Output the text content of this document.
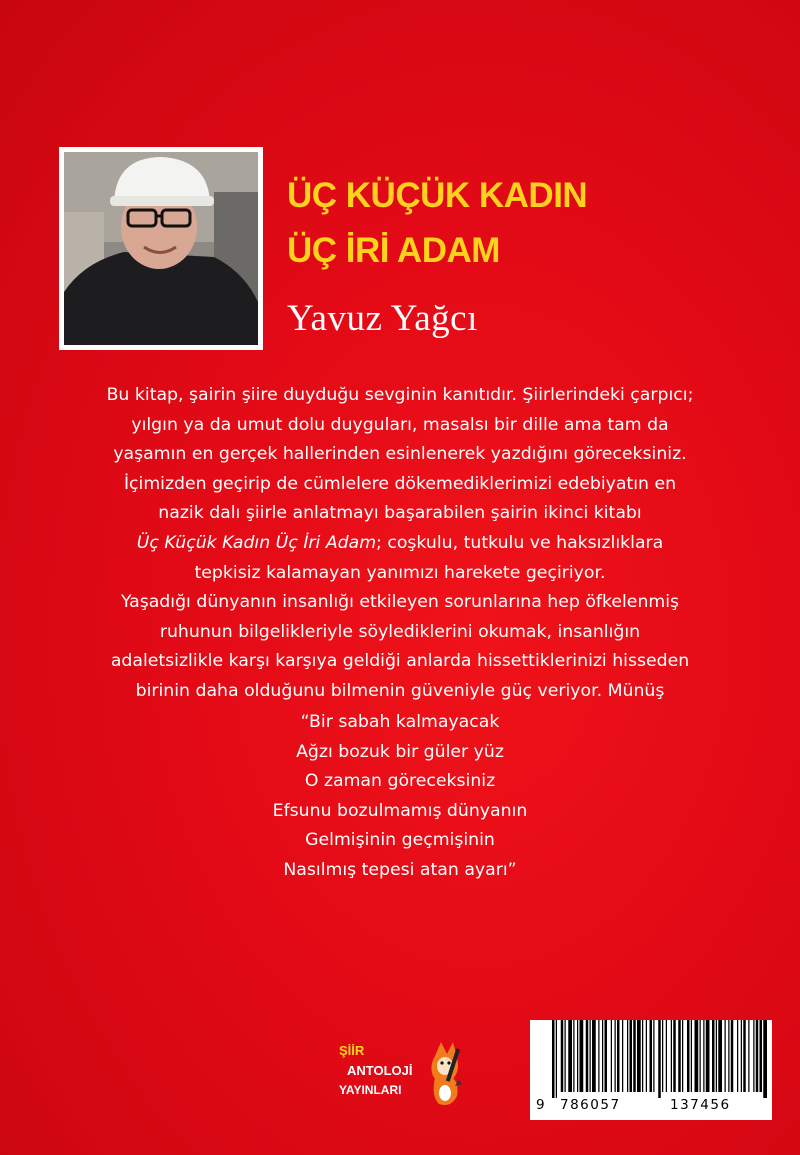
ÜÇ KÜÇÜK KADIN
ÜÇ İRİ ADAM
Yavuz Yağcı
Bu kitap, şairin şiire duyduğu sevginin kanıtıdır. Şiirlerindeki çarpıcı;
yılgın ya da umut dolu duyguları, masalsı bir dille ama tam da
yaşamın en gerçek hallerinden esinlenerek yazdığını göreceksiniz.
İçimizden geçirip de cümlelere dökemediklerimizi edebiyatın en
nazik dalı şiirle anlatmayı başarabilen şairin ikinci kitabı
Üç Küçük Kadın Üç İri Adam; coşkulu, tutkulu ve haksızlıklara
tepkisiz kalamayan yanımızı harekete geçiriyor.
Yaşadığı dünyanın insanlığı etkileyen sorunlarına hep öfkelenmiş
ruhunun bilgelikleriyle söylediklerini okumak, insanlığın
adaletsizlikle karşı karşıya geldiği anlarda hissettiklerinizi hisseden
birinin daha olduğunu bilmenin güveniyle güç veriyor. Münüş
“Bir sabah kalmayacak
Ağzı bozuk bir güler yüz
O zaman göreceksiniz
Efsunu bozulmamış dünyanın
Gelmişinin geçmişinin
Nasılmış tepesi atan ayarı”
ŞİİR
ANTOLOJİ
YAYINLARI
9 786057	137456
